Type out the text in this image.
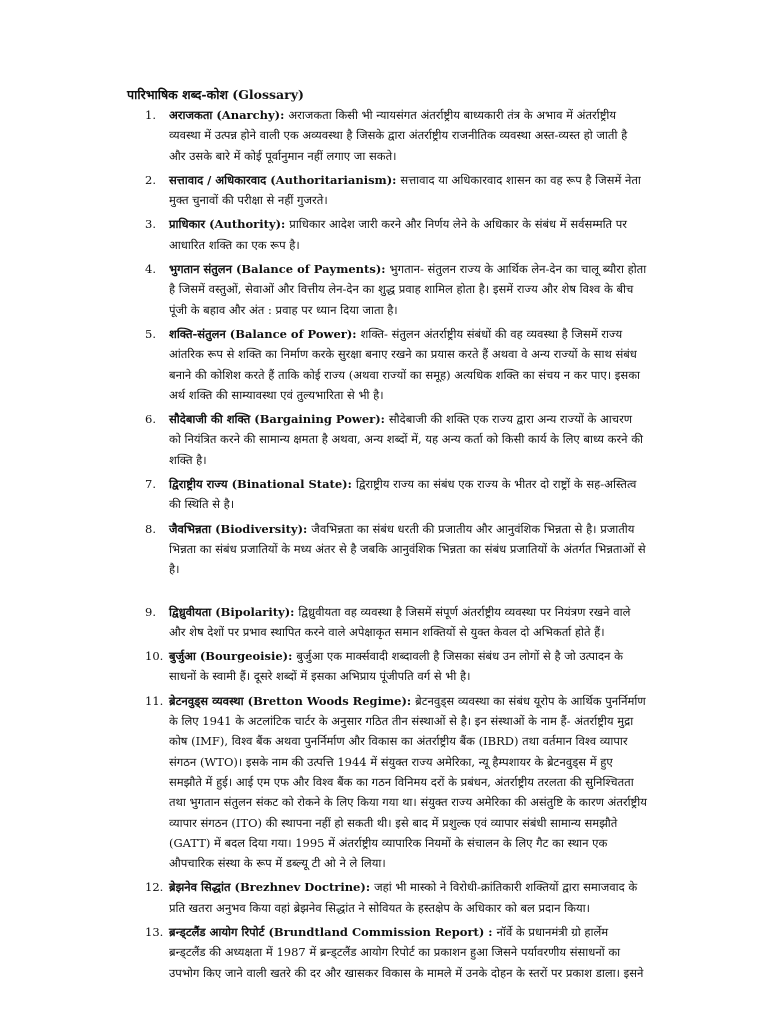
पारिभाषिक शब्द-कोश (Glossary)
1.	अराजकता (Anarchy): अराजकता किसी भी न्यायसंगत अंतर्राष्ट्रीय बाध्यकारी तंत्र के अभाव में अंतर्राष्ट्रीय व्यवस्था में उत्पन्न होने वाली एक अव्यवस्था है जिसके द्वारा अंतर्राष्ट्रीय राजनीतिक व्यवस्था अस्त-व्यस्त हो जाती है और उसके बारे में कोई पूर्वानुमान नहीं लगाए जा सकते।
2.	सत्तावाद / अधिकारवाद (Authoritarianism): सत्तावाद या अधिकारवाद शासन का वह रूप है जिसमें नेता मुक्त चुनावों की परीक्षा से नहीं गुजरते।
3.	प्राधिकार (Authority): प्राधिकार आदेश जारी करने और निर्णय लेने के अधिकार के संबंध में सर्वसम्मति पर आधारित शक्ति का एक रूप है।
4.	भुगतान संतुलन (Balance of Payments): भुगतान- संतुलन राज्य के आर्थिक लेन-देन का चालू ब्यौरा होता है जिसमें वस्तुओं, सेवाओं और वित्तीय लेन-देन का शुद्ध प्रवाह शामिल होता है। इसमें राज्य और शेष विश्व के बीच पूंजी के बहाव और अंत : प्रवाह पर ध्यान दिया जाता है।
5.	शक्ति-संतुलन (Balance of Power): शक्ति- संतुलन अंतर्राष्ट्रीय संबंधों की वह व्यवस्था है जिसमें राज्य आंतरिक रूप से शक्ति का निर्माण करके सुरक्षा बनाए रखने का प्रयास करते हैं अथवा वे अन्य राज्यों के साथ संबंध बनाने की कोशिश करते हैं ताकि कोई राज्य (अथवा राज्यों का समूह) अत्यधिक शक्ति का संचय न कर पाए। इसका अर्थ शक्ति की साम्यावस्था एवं तुल्यभारिता से भी है।
6.	सौदेबाजी की शक्ति (Bargaining Power): सौदेबाजी की शक्ति एक राज्य द्वारा अन्य राज्यों के आचरण को नियंत्रित करने की सामान्य क्षमता है अथवा, अन्य शब्दों में, यह अन्य कर्ता को किसी कार्य के लिए बाध्य करने की शक्ति है।
7.	द्विराष्ट्रीय राज्य (Binational State): द्विराष्ट्रीय राज्य का संबंध एक राज्य के भीतर दो राष्ट्रों के सह-अस्तित्व की स्थिति से है।
8.	जैवभिन्नता (Biodiversity): जैवभिन्नता का संबंध धरती की प्रजातीय और आनुवंशिक भिन्नता से है। प्रजातीय भिन्नता का संबंध प्रजातियों के मध्य अंतर से है जबकि आनुवंशिक भिन्नता का संबंध प्रजातियों के अंतर्गत भिन्नताओं से है।
9.	द्विध्रुवीयता (Bipolarity): द्विध्रुवीयता वह व्यवस्था है जिसमें संपूर्ण अंतर्राष्ट्रीय व्यवस्था पर नियंत्रण रखने वाले और शेष देशों पर प्रभाव स्थापित करने वाले अपेक्षाकृत समान शक्तियों से युक्त केवल दो अभिकर्ता होते हैं।
10. बुर्जुआ (Bourgeoisie): बुर्जुआ एक मार्क्सवादी शब्दावली है जिसका संबंध उन लोगों से है जो उत्पादन के साधनों के स्वामी हैं। दूसरे शब्दों में इसका अभिप्राय पूंजीपति वर्ग से भी है।
11. ब्रेटनवुड्स व्यवस्था (Bretton Woods Regime): ब्रेटनवुड्स व्यवस्था का संबंध यूरोप के आर्थिक पुनर्निर्माण के लिए 1941 के अटलांटिक चार्टर के अनुसार गठित तीन संस्थाओं से है। इन संस्थाओं के नाम हैं- अंतर्राष्ट्रीय मुद्रा कोष (IMF), विश्व बैंक अथवा पुनर्निर्माण और विकास का अंतर्राष्ट्रीय बैंक (IBRD) तथा वर्तमान विश्व व्यापार संगठन (WTO)। इसके नाम की उत्पत्ति 1944 में संयुक्त राज्य अमेरिका, न्यू हैम्पशायर के ब्रेटनवुड्स में हुए समझौते में हुई। आई एम एफ और विश्व बैंक का गठन विनिमय दरों के प्रबंधन, अंतर्राष्ट्रीय तरलता की सुनिश्चितता तथा भुगतान संतुलन संकट को रोकने के लिए किया गया था। संयुक्त राज्य अमेरिका की असंतुष्टि के कारण अंतर्राष्ट्रीय व्यापार संगठन (ITO) की स्थापना नहीं हो सकती थी। इसे बाद में प्रशुल्क एवं व्यापार संबंधी सामान्य समझौते (GATT) में बदल दिया गया। 1995 में अंतर्राष्ट्रीय व्यापारिक नियमों के संचालन के लिए गैट का स्थान एक औपचारिक संस्था के रूप में डब्ल्यू टी ओ ने ले लिया।
12. ब्रेझनेव सिद्धांत (Brezhnev Doctrine): जहां भी मास्को ने विरोधी-क्रांतिकारी शक्तियों द्वारा समाजवाद के प्रति खतरा अनुभव किया वहां ब्रेझनेव सिद्धांत ने सोवियत के हस्तक्षेप के अधिकार को बल प्रदान किया।
13. ब्रन्ड्टलैंड आयोग रिपोर्ट (Brundtland Commission Report) : नॉर्वे के प्रधानमंत्री ग्रो हार्लेम ब्रन्ड्टलैंड की अध्यक्षता में 1987 में ब्रन्ड्टलैंड आयोग रिपोर्ट का प्रकाशन हुआ जिसने पर्यावरणीय संसाधनों का उपभोग किए जाने वाली खतरे की दर और खासकर विकास के मामले में उनके दोहन के स्तरों पर प्रकाश डाला। इसने
